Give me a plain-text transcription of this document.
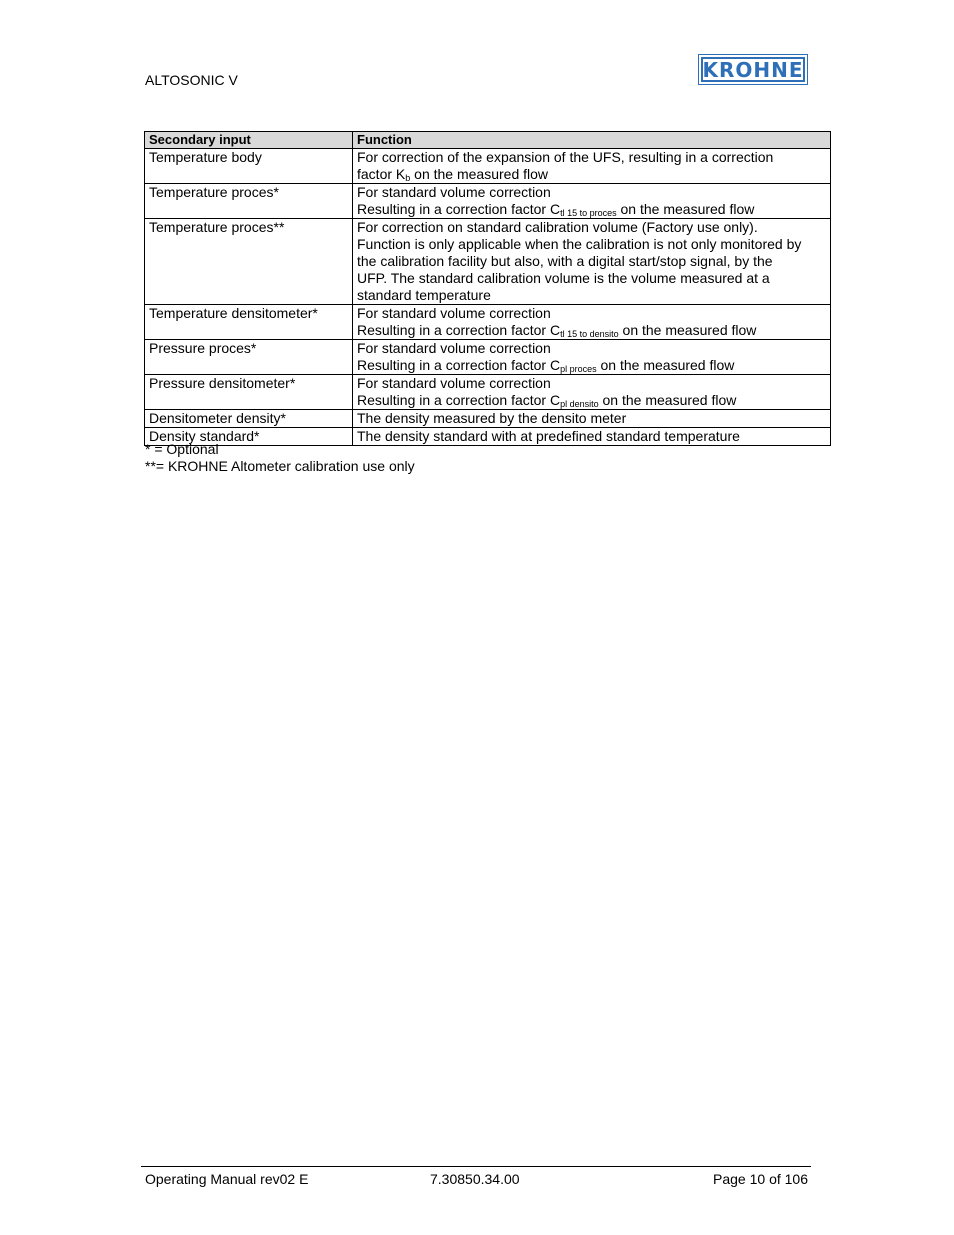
ALTOSONIC V	KROHNE
Secondary input	Function
Temperature body	For correction of the expansion of the UFS, resulting in a correction
factor $K_b$ on the measured flow

Temperature proces*	For standard volume correction
Resulting in a correction factor $C_{tl 15 to proces}$ on the measured flow

Temperature proces**	For correction on standard calibration volume (Factory use only).
Function is only applicable when the calibration is not only monitored by
the calibration facility but also, with a digital start/stop signal, by the
UFP. The standard calibration volume is the volume measured at a
standard temperature

Temperature densitometer*	For standard volume correction
Resulting in a correction factor $C_{tl 15 to densito}$ on the measured flow

Pressure proces*	For standard volume correction
Resulting in a correction factor $C_{pl proces}$ on the measured flow

Pressure densitometer*	For standard volume correction
Resulting in a correction factor $C_{pl densito}$ on the measured flow

Densitometer density*	The density measured by the densito meter

Density standard*	The density standard with at predefined standard temperature
* = Optional
**= KROHNE Altometer calibration use only
Operating Manual rev02 E	7.30850.34.00	Page 10 of 106
